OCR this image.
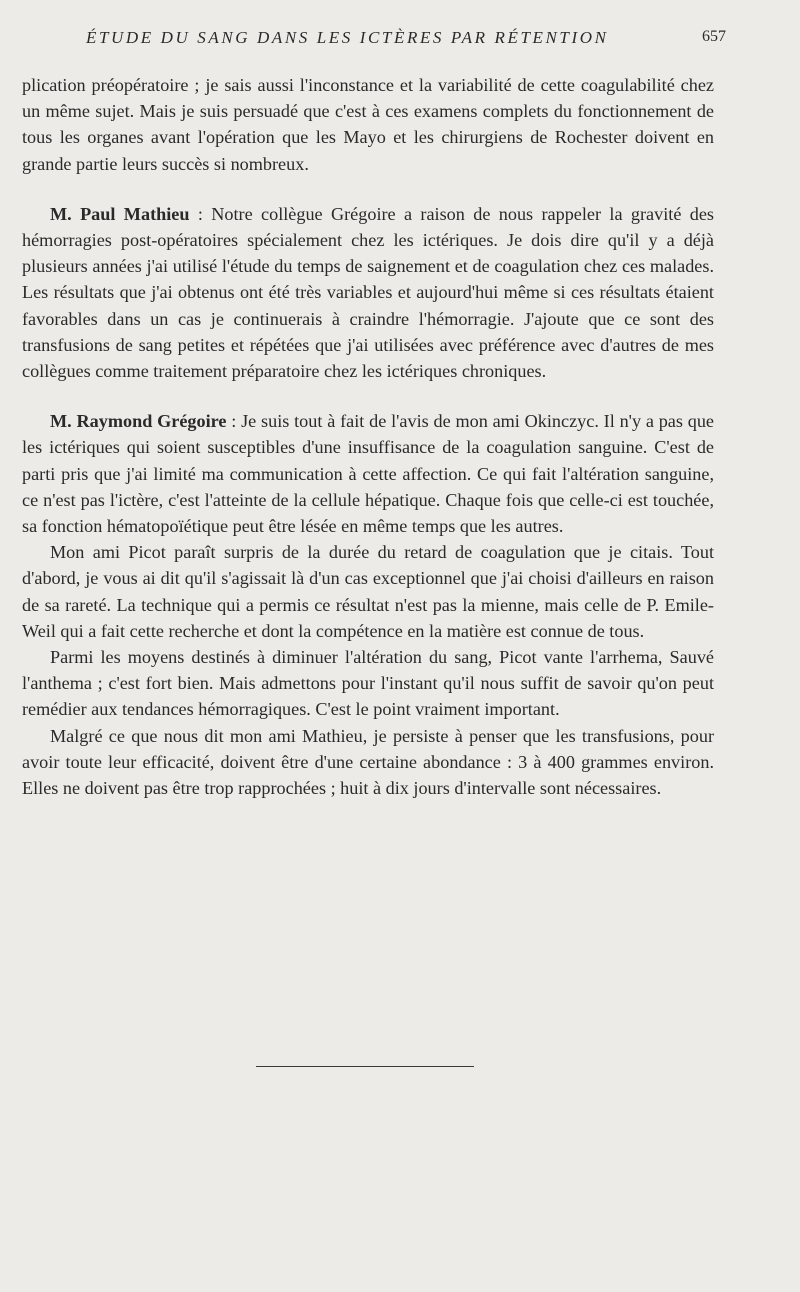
ÉTUDE DU SANG DANS LES ICTÈRES PAR RÉTENTION	657

plication préopératoire ; je sais aussi l'inconstance et la variabilité de cette coagulabilité chez un même sujet. Mais je suis persuadé que c'est à ces examens complets du fonctionnement de tous les organes avant l'opération que les Mayo et les chirurgiens de Rochester doivent en grande partie leurs succès si nombreux.

M. Paul Mathieu : Notre collègue Grégoire a raison de nous rappeler la gravité des hémorragies post-opératoires spécialement chez les ictériques. Je dois dire qu'il y a déjà plusieurs années j'ai utilisé l'étude du temps de saignement et de coagulation chez ces malades. Les résultats que j'ai obtenus ont été très variables et aujourd'hui même si ces résultats étaient favorables dans un cas je continuerais à craindre l'hémorragie. J'ajoute que ce sont des transfusions de sang petites et répétées que j'ai utilisées avec préférence avec d'autres de mes collègues comme traitement préparatoire chez les ictériques chroniques.

M. Raymond Grégoire : Je suis tout à fait de l'avis de mon ami Okinczyc. Il n'y a pas que les ictériques qui soient susceptibles d'une insuffisance de la coagulation sanguine. C'est de parti pris que j'ai limité ma communication à cette affection. Ce qui fait l'altération sanguine, ce n'est pas l'ictère, c'est l'atteinte de la cellule hépatique. Chaque fois que celle-ci est touchée, sa fonction hématopoïétique peut être lésée en même temps que les autres.

Mon ami Picot paraît surpris de la durée du retard de coagulation que je citais. Tout d'abord, je vous ai dit qu'il s'agissait là d'un cas exceptionnel que j'ai choisi d'ailleurs en raison de sa rareté. La technique qui a permis ce résultat n'est pas la mienne, mais celle de P. Emile-Weil qui a fait cette recherche et dont la compétence en la matière est connue de tous.

Parmi les moyens destinés à diminuer l'altération du sang, Picot vante l'arrhema, Sauvé l'anthema ; c'est fort bien. Mais admettons pour l'instant qu'il nous suffit de savoir qu'on peut remédier aux tendances hémorragiques. C'est le point vraiment important.

Malgré ce que nous dit mon ami Mathieu, je persiste à penser que les transfusions, pour avoir toute leur efficacité, doivent être d'une certaine abondance : 3 à 400 grammes environ. Elles ne doivent pas être trop rapprochées ; huit à dix jours d'intervalle sont nécessaires.
